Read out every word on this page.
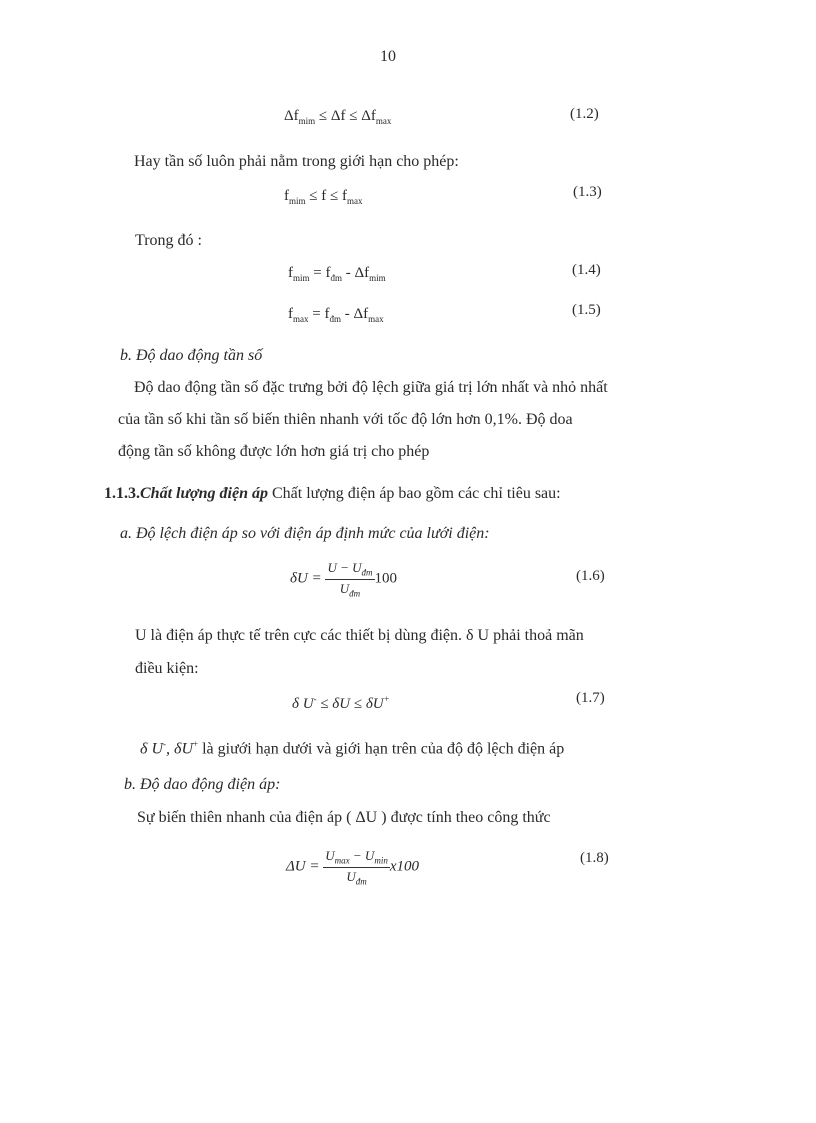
10
$\Delta f_{mim} \le \Delta f \le \Delta f_{max}$	(1.2)
Hay tần số luôn phải nằm trong giới hạn cho phép:
$f_{mim} \le f \le f_{max}$
(1.3)
Trong đó :
$f_{mim} = f_{đm} - \Delta f_{mim}$	(1.4)
$f_{max} = f_{đm} - \Delta f_{max}$
(1.5)
b. Độ dao động tần số
Độ dao động tần số đặc trưng bởi độ lệch giữa giá trị lớn nhất và nhỏ nhất
của tần số khi tần số biến thiên nhanh với tốc độ lớn hơn 0,1%. Độ doa
động tần số không được lớn hơn giá trị cho phép
1.1.3.Chất lượng điện áp Chất lượng điện áp bao gồm các chỉ tiêu sau:
a. Độ lệch điện áp so với điện áp định mức của lưới điện:
$\delta U = \frac{U - U_{đm}}{U_{đm}} 100$	(1.6)
U là điện áp thực tế trên cực các thiết bị dùng điện. δ U phải thoả mãn
điều kiện:
δ U- ≤ δU ≤ δU+	(1.7)
δ U-, δU+ là giưới hạn dưới và giới hạn trên của độ độ lệch điện áp
b. Độ dao động điện áp:
Sự biến thiên nhanh của điện áp ( ΔU ) được tính theo công thức
$\Delta U = \frac{U_{max} - U_{min}}{U_{đm}} x100$
(1.8)
